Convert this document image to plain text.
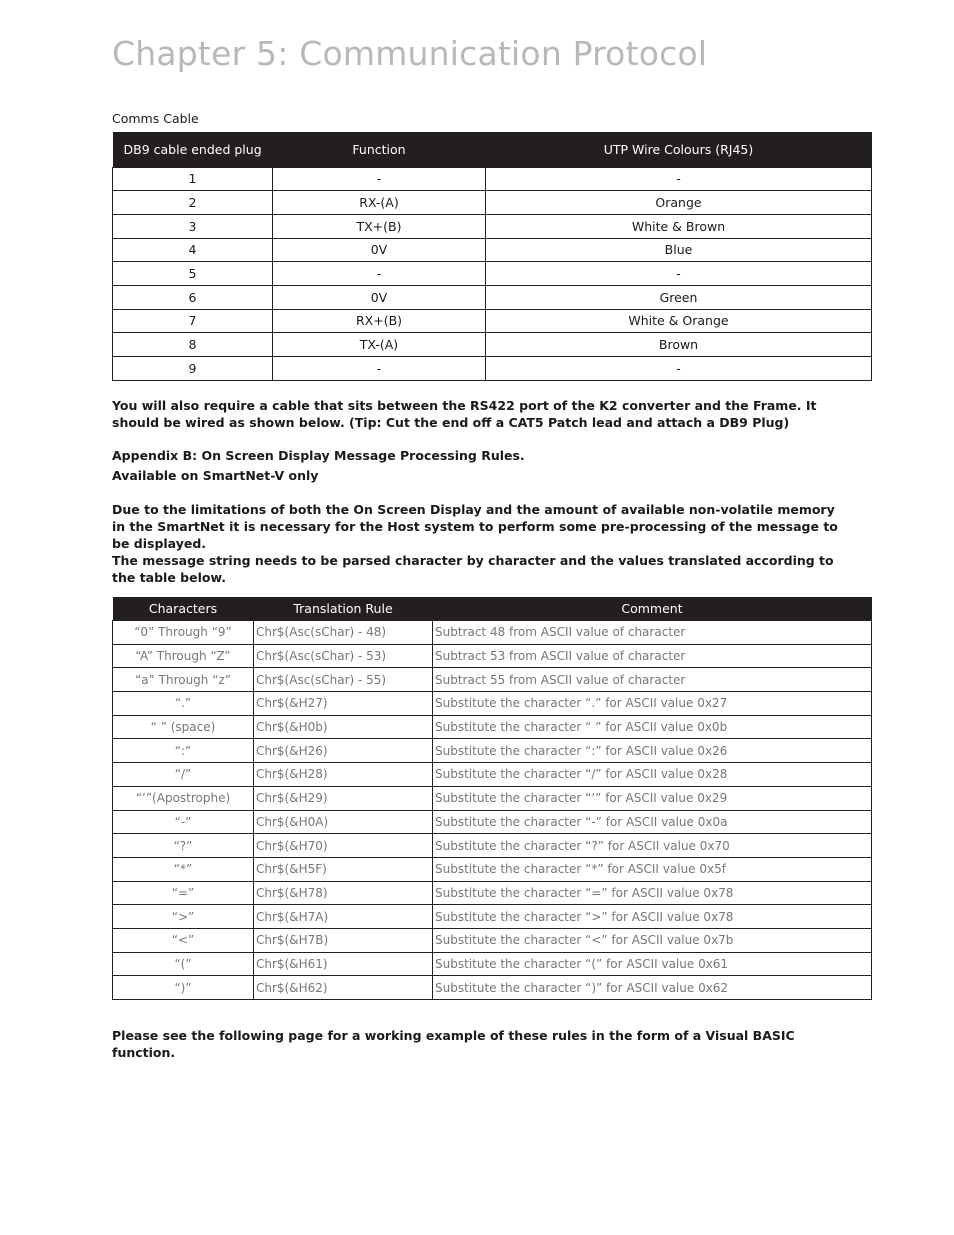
Chapter 5: Communication Protocol
Comms Cable
DB9 cable ended plug	Function	UTP Wire Colours (RJ45)
1	-	-
2	RX-(A)	Orange
3	TX+(B)	White & Brown
4	0V	Blue
5	-	-
6	0V	Green
7	RX+(B)	White & Orange
8	TX-(A)	Brown
9	-	-
You will also require a cable that sits between the RS422 port of the K2 converter and the Frame. It should be wired as shown below. (Tip: Cut the end off a CAT5 Patch lead and attach a DB9 Plug)
Appendix B: On Screen Display Message Processing Rules.
Available on SmartNet-V only
Due to the limitations of both the On Screen Display and the amount of available non-volatile memory in the SmartNet it is necessary for the Host system to perform some pre-processing of the message to be displayed.
The message string needs to be parsed character by character and the values translated according to the table below.
Characters	Translation Rule	Comment
“0” Through “9”	Chr$(Asc(sChar) - 48)	Subtract 48 from ASCII value of character
“A” Through “Z”	Chr$(Asc(sChar) - 53)	Subtract 53 from ASCII value of character
“a” Through “z”	Chr$(Asc(sChar) - 55)	Subtract 55 from ASCII value of character
“.”	Chr$(&H27)	Substitute the character “.” for ASCII value 0x27
“ ” (space)	Chr$(&H0b)	Substitute the character “ ” for ASCII value 0x0b
“:”	Chr$(&H26)	Substitute the character “:” for ASCII value 0x26
“/”	Chr$(&H28)	Substitute the character “/” for ASCII value 0x28
“’”(Apostrophe)	Chr$(&H29)	Substitute the character “’” for ASCII value 0x29
“-”	Chr$(&H0A)	Substitute the character “-” for ASCII value 0x0a
“?”	Chr$(&H70)	Substitute the character “?” for ASCII value 0x70
“*”	Chr$(&H5F)	Substitute the character “*” for ASCII value 0x5f
“=”	Chr$(&H78)	Substitute the character “=” for ASCII value 0x78
“>”	Chr$(&H7A)	Substitute the character “>” for ASCII value 0x78
“<”	Chr$(&H7B)	Substitute the character “<” for ASCII value 0x7b
“(”	Chr$(&H61)	Substitute the character “(” for ASCII value 0x61
“)”	Chr$(&H62)	Substitute the character “)” for ASCII value 0x62
Please see the following page for a working example of these rules in the form of a Visual BASIC function.
